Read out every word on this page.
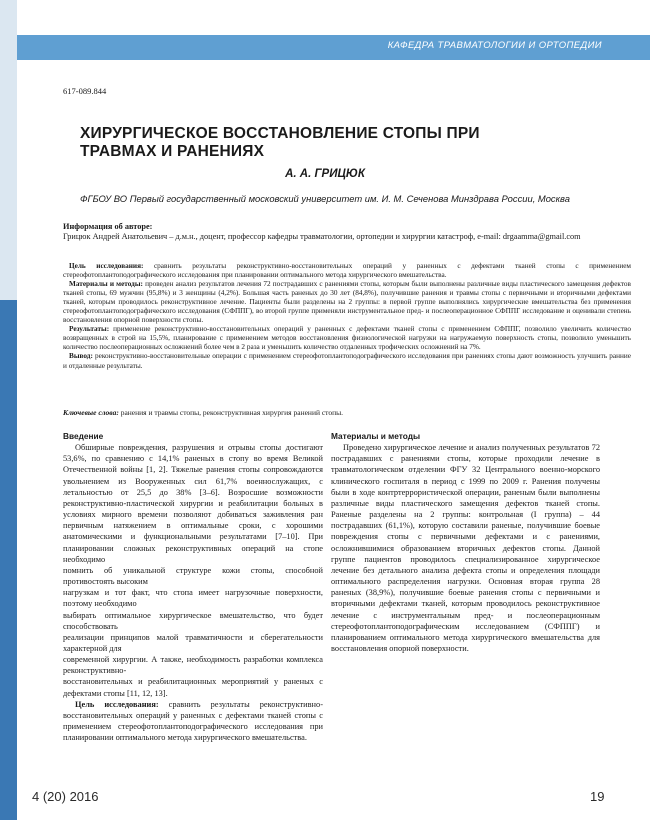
КАФЕДРА ТРАВМАТОЛОГИИ И ОРТОПЕДИИ
617-089.844
ХИРУРГИЧЕСКОЕ ВОССТАНОВЛЕНИЕ СТОПЫ ПРИ ТРАВМАХ И РАНЕНИЯХ
А. А. ГРИЦЮК
ФГБОУ ВО Первый государственный московский университет им. И. М. Сеченова Минздрава России, Москва
Информация об авторе:
Грицюк Андрей Анатольевич – д.м.н., доцент, профессор кафедры травматологии, ортопедии и хирургии катастроф, e-mail: drgaamma@gmail.com

Цель исследования: сравнить результаты реконструктивно-восстановительных операций у раненных с дефектами тканей стопы с применением стереофотоплантоподографического исследования при планировании оптимального метода хирургического вмешательства.

Материалы и методы: проведен анализ результатов лечения 72 пострадавших с ранениями стопы, которым были выполнены различные виды пластического замещения дефектов тканей стопы, 69 мужчин (95,8%) и 3 женщины (4,2%). Большая часть раненых до 30 лет (84,8%), получившие ранения и травмы стопы с первичными и вторичными дефектами тканей, которым проводилось реконструктивное лечение. Пациенты были разделены на 2 группы: в первой группе выполнялись хирургические вмешательства без применения стереофотоплантоподографического исследования (СФППГ), во второй группе применяли инструментальное пред- и послеоперационное СФППГ исследование и оценивали степень восстановления опорной поверхности стопы.

Результаты: применение реконструктивно-восстановительных операций у раненных с дефектами тканей стопы с применением СФППГ, позволило увеличить количество возвращенных в строй на 15,5%, планирование с применением методов восстановления физиологической нагрузки на нагружаемую поверхность стопы, позволило уменьшить количество послеоперационных осложнений более чем в 2 раза и уменьшить количество отдаленных трофических осложнений на 7%.

Вывод: реконструктивно-восстановительные операции с применением стереофотоплантоподографического исследования при ранениях стопы дают возможность улучшить ранние и отдаленные результаты.

Ключевые слова: ранения и травмы стопы, реконструктивная хирургия ранений стопы.

Введение

Обширные повреждения, разрушения и отрывы стопы достигают 53,6%, по сравнению с 14,1% раненых в стопу во время Великой Отечественной войны [1, 2]. Тяжелые ранения стопы сопровождаются увольнением из Вооруженных сил 61,7% военнослужащих, с летальностью от 25,5 до 38% [3–6]. Возросшие возможности реконструктивно-пластической хирургии и реабилитации больных в условиях мирного времени позволяют добиваться заживления ран первичным натяжением в оптимальные сроки, с хорошими анатомическими и функциональными результатами [7–10]. При планировании сложных реконструктивных операций на стопе необходимо

помнить об уникальной структуре кожи стопы, способной противостоять высоким

нагрузкам и тот факт, что стопа имеет нагрузочные поверхности, поэтому необходимо

выбирать оптимальное хирургическое вмешательство, что будет способствовать

реализации принципов малой травматичности и сберегательности характерной для

современной хирургии. А также, необходимость разработки комплекса реконструктивно-

восстановительных и реабилитационных мероприятий у раненых с дефектами стопы [11, 12, 13].

Цель исследования: сравнить результаты реконструктивно-восстановительных операций у раненных с дефектами тканей стопы с применением стереофотоплантоподографического исследования при планировании оптимального метода хирургического вмешательства.

Материалы и методы

Проведено хирургическое лечение и анализ полученных результатов 72 пострадавших с ранениями стопы, которые проходили лечение в травматологическом отделении ФГУ 32 Центрального военно-морского клинического госпиталя в период с 1999 по 2009 г. Ранения получены были в ходе контртеррористической операции, раненым были выполнены различные виды пластического замещения дефектов тканей стопы. Раненые разделены на 2 группы: контрольная (I группа) – 44 пострадавших (61,1%), которую составили раненые, получившие боевые повреждения стопы с первичными дефектами и с ранениями, осложнившимися образованием вторичных дефектов стопы. Данной группе пациентов проводилось специализированное хирургическое лечение без детального анализа дефекта стопы и определения площади оптимального распределения нагрузки. Основная вторая группа 28 раненых (38,9%), получившие боевые ранения стопы с первичными и вторичными дефектами тканей, которым проводилось реконструктивное лечение с инструментальным пред- и послеоперационным стереофотоплантоподографическим исследованием (СФППГ) и планированием оптимального метода хирургического вмешательства для восстановления опорной поверхности.

4 (20) 2016	19
